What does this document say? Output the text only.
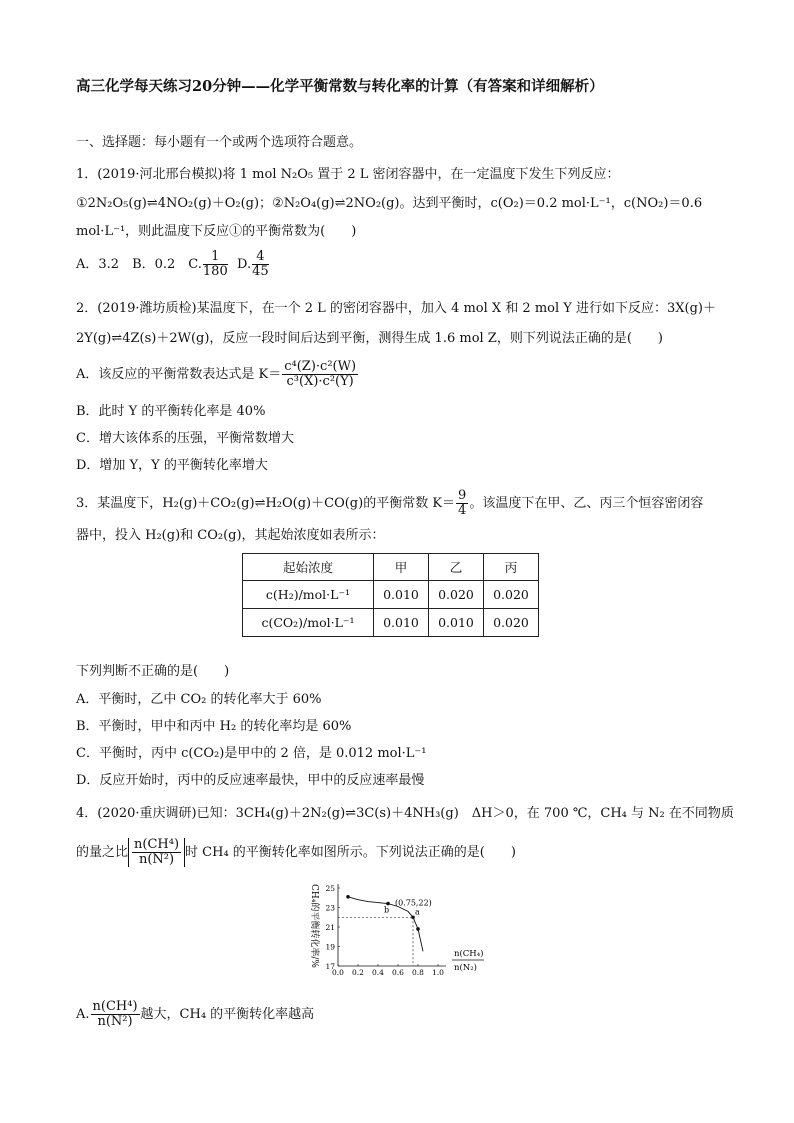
高三化学每天练习20分钟——化学平衡常数与转化率的计算（有答案和详细解析）
一、选择题：每小题有一个或两个选项符合题意。
1．(2019·河北邢台模拟)将 1 mol N₂O₅ 置于 2 L 密闭容器中，在一定温度下发生下列反应：
①2N₂O₅(g)⇌4NO₂(g)＋O₂(g)；②N₂O₄(g)⇌2NO₂(g)。达到平衡时，c(O₂)＝0.2 mol·L⁻¹，c(NO₂)＝0.6
mol·L⁻¹，则此温度下反应①的平衡常数为(　　)
A．3.2　B．0.2　C. $\frac{1}{180} D$. $\frac{4}{45}$
2．(2019·潍坊质检)某温度下，在一个 2 L 的密闭容器中，加入 4 mol X 和 2 mol Y 进行如下反应：3X(g)＋
2Y(g)⇌4Z(s)＋2W(g)，反应一段时间后达到平衡，测得生成 1.6 mol Z，则下列说法正确的是(　　)
A．该反应的平衡常数表达式是 $K= \frac{\text{c⁴(Z)·c²(W)}}{\text{c³(X)·c²(Y)}}$
B．此时 Y 的平衡转化率是 40%
C．增大该体系的压强，平衡常数增大
D．增加 Y，Y 的平衡转化率增大
3．某温度下，H₂(g)＋CO₂(g)⇌H₂O(g)＋CO(g)的平衡常数 $K= \frac{9}{4}$ 。该温度下在甲、乙、丙三个恒容密闭容
器中，投入 H₂(g)和 CO₂(g)，其起始浓度如表所示：
起始浓度	甲	乙	丙
c(H₂)/mol·L⁻¹	0.010	0.020	0.020
c(CO₂)/mol·L⁻¹	0.010	0.010	0.020
下列判断不正确的是(　　)
A．平衡时，乙中 CO₂ 的转化率大于 60%
B．平衡时，甲中和丙中 H₂ 的转化率均是 60%
C．平衡时，丙中 c(CO₂)是甲中的 2 倍，是 0.012 mol·L⁻¹
D．反应开始时，丙中的反应速率最快，甲中的反应速率最慢
4．(2020·重庆调研)已知：3CH₄(g)＋2N₂(g)⇌3C(s)＋4NH₃(g)　ΔH＞0，在 700 ℃，CH₄ 与 N₂ 在不同物质
的量之比 $\frac{\text{n(CH⁴)}}{\text{n(N²)}}$ 时 CH₄ 的平衡转化率如图所示。下列说法正确的是(　　)
CH₄的平衡转化率/%
0.0 0.2 0.4 0.6 0.8 1.0
17
19
21
23
25
(0.75,22)
b	a
n(CH₄)
n(N₂)
A. $\frac{\text{n(CH⁴)}}{\text{n(N²)}}$ 越大，CH₄ 的平衡转化率越高
